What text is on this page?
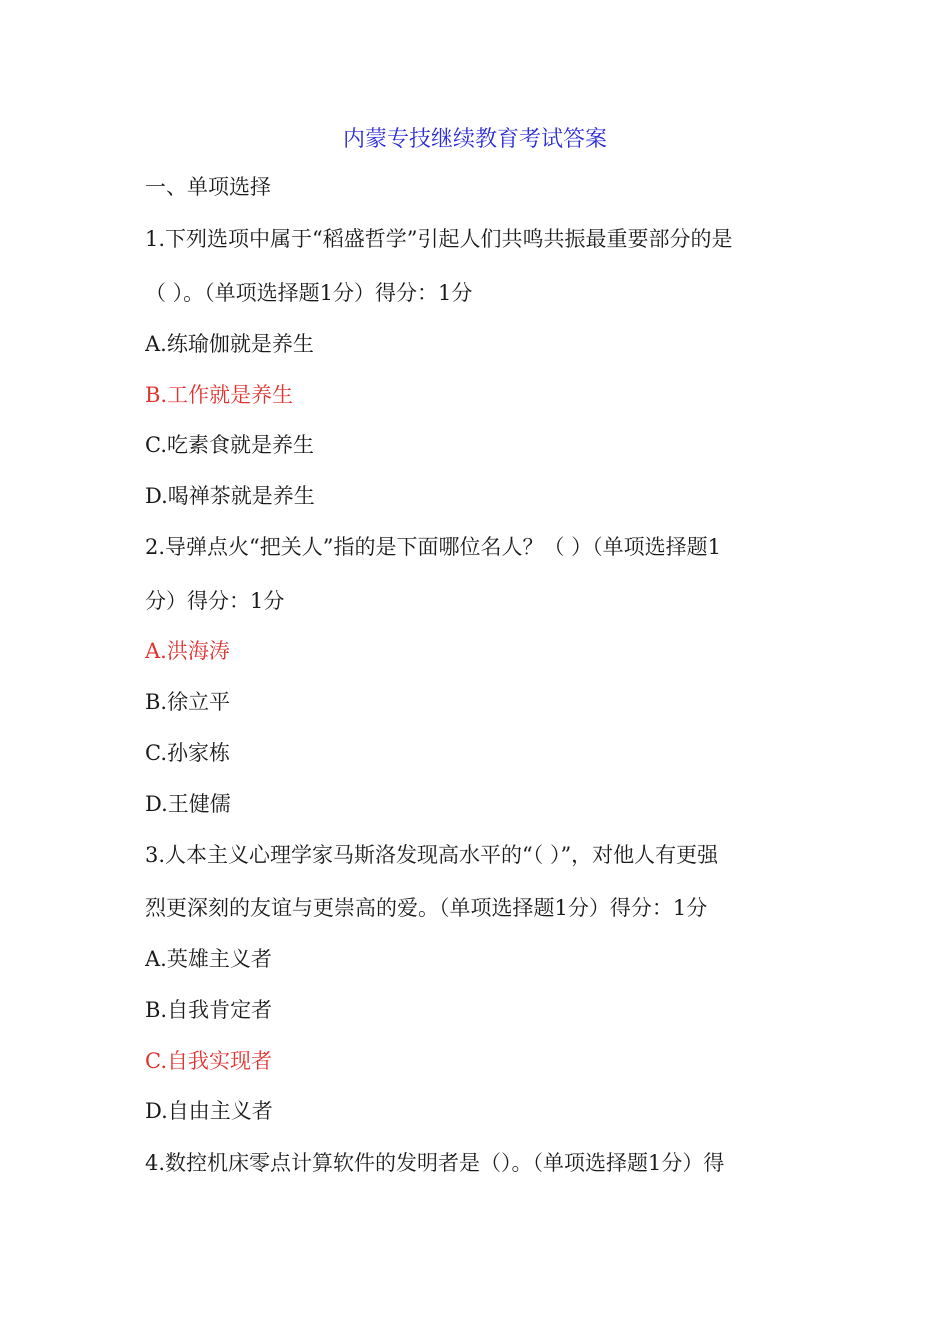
内蒙专技继续教育考试答案
一、单项选择
1.下列选项中属于“稻盛哲学”引起人们共鸣共振最重要部分的是
（ ）。（单项选择题1分）得分：1分
A.练瑜伽就是养生
B.工作就是养生
C.吃素食就是养生
D.喝禅茶就是养生
2.导弹点火“把关人”指的是下面哪位名人？（ ）（单项选择题1
分）得分：1分
A.洪海涛
B.徐立平
C.孙家栋
D.王健儒
3.人本主义心理学家马斯洛发现高水平的“（ ）”，对他人有更强
烈更深刻的友谊与更崇高的爱。（单项选择题1分）得分：1分
A.英雄主义者
B.自我肯定者
C.自我实现者
D.自由主义者
4.数控机床零点计算软件的发明者是（）。（单项选择题1分）得
